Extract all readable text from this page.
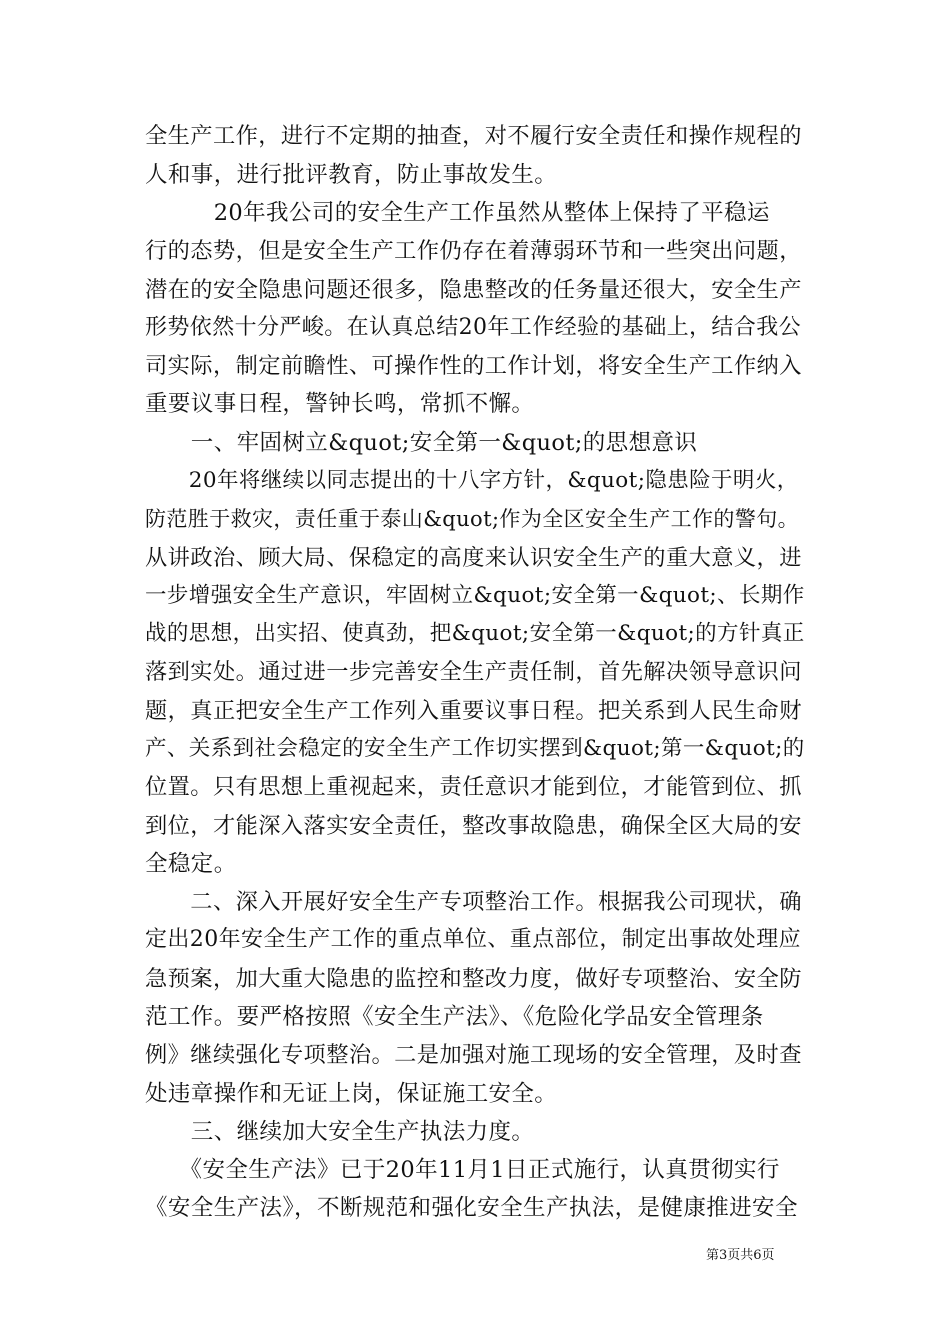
全生产工作，进行不定期的抽查，对不履行安全责任和操作规程的
人和事，进行批评教育，防止事故发生。
　　　20年我公司的安全生产工作虽然从整体上保持了平稳运
行的态势，但是安全生产工作仍存在着薄弱环节和一些突出问题，
潜在的安全隐患问题还很多，隐患整改的任务量还很大，安全生产
形势依然十分严峻。在认真总结20年工作经验的基础上，结合我公
司实际，制定前瞻性、可操作性的工作计划，将安全生产工作纳入
重要议事日程，警钟长鸣，常抓不懈。
　　一、牢固树立&quot;安全第一&quot;的思想意识
　　20年将继续以同志提出的十八字方针，&quot;隐患险于明火，
防范胜于救灾，责任重于泰山&quot;作为全区安全生产工作的警句。
从讲政治、顾大局、保稳定的高度来认识安全生产的重大意义，进
一步增强安全生产意识，牢固树立&quot;安全第一&quot;、长期作
战的思想，出实招、使真劲，把&quot;安全第一&quot;的方针真正
落到实处。通过进一步完善安全生产责任制，首先解决领导意识问
题，真正把安全生产工作列入重要议事日程。把关系到人民生命财
产、关系到社会稳定的安全生产工作切实摆到&quot;第一&quot;的
位置。只有思想上重视起来，责任意识才能到位，才能管到位、抓
到位，才能深入落实安全责任，整改事故隐患，确保全区大局的安
全稳定。
　　二、深入开展好安全生产专项整治工作。根据我公司现状，确
定出20年安全生产工作的重点单位、重点部位，制定出事故处理应
急预案，加大重大隐患的监控和整改力度，做好专项整治、安全防
范工作。要严格按照《安全生产法》、《危险化学品安全管理条
例》继续强化专项整治。二是加强对施工现场的安全管理，及时查
处违章操作和无证上岗，保证施工安全。
　　三、继续加大安全生产执法力度。
　　《安全生产法》已于20年11月1日正式施行，认真贯彻实行
《安全生产法》，不断规范和强化安全生产执法，是健康推进安全
第3页共6页
